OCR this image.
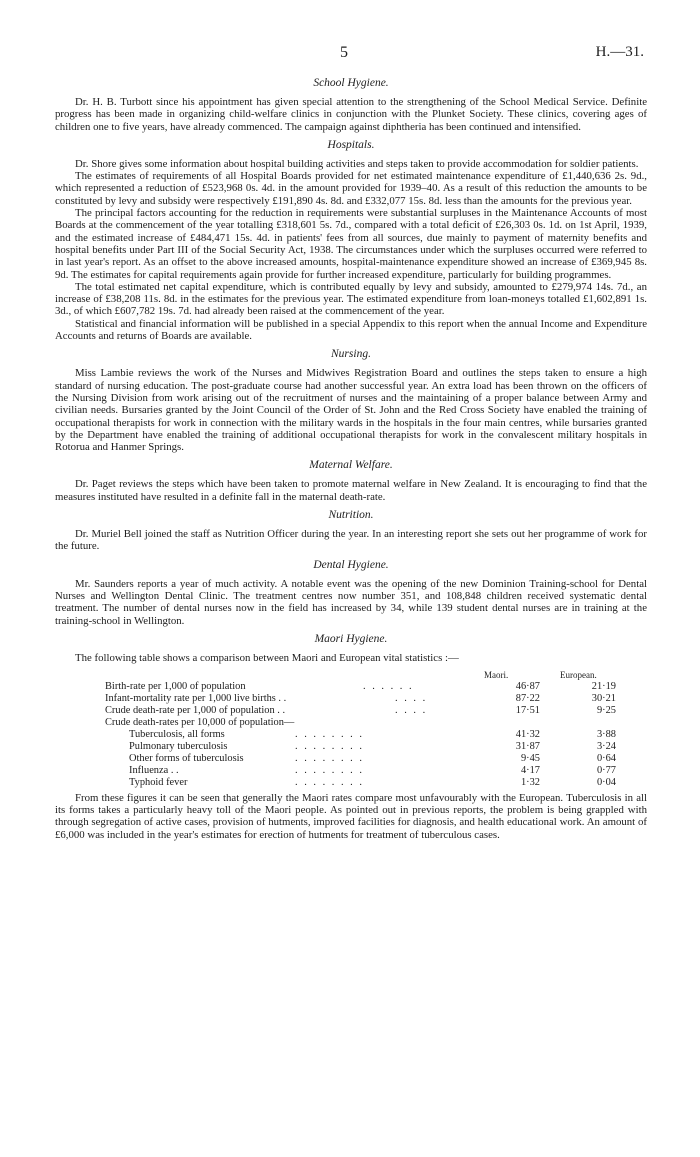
5	H.—31.
School Hygiene.

Dr. H. B. Turbott since his appointment has given special attention to the strengthening of the School Medical Service. Definite progress has been made in organizing child-welfare clinics in conjunction with the Plunket Society. These clinics, covering ages of children one to five years, have already commenced. The campaign against diphtheria has been continued and intensified.

Hospitals.

Dr. Shore gives some information about hospital building activities and steps taken to provide accommodation for soldier patients.

The estimates of requirements of all Hospital Boards provided for net estimated maintenance expenditure of £1,440,636 2s. 9d., which represented a reduction of £523,968 0s. 4d. in the amount provided for 1939–40. As a result of this reduction the amounts to be constituted by levy and subsidy were respectively £191,890 4s. 8d. and £332,077 15s. 8d. less than the amounts for the previous year.

The principal factors accounting for the reduction in requirements were substantial surpluses in the Maintenance Accounts of most Boards at the commencement of the year totalling £318,601 5s. 7d., compared with a total deficit of £26,303 0s. 1d. on 1st April, 1939, and the estimated increase of £484,471 15s. 4d. in patients' fees from all sources, due mainly to payment of maternity benefits and hospital benefits under Part III of the Social Security Act, 1938. The circumstances under which the surpluses occurred were referred to in last year's report. As an offset to the above increased amounts, hospital-maintenance expenditure showed an increase of £369,945 8s. 9d. The estimates for capital requirements again provide for further increased expenditure, particularly for building programmes.

The total estimated net capital expenditure, which is contributed equally by levy and subsidy, amounted to £279,974 14s. 7d., an increase of £38,208 11s. 8d. in the estimates for the previous year. The estimated expenditure from loan-moneys totalled £1,602,891 1s. 3d., of which £607,782 19s. 7d. had already been raised at the commencement of the year.

Statistical and financial information will be published in a special Appendix to this report when the annual Income and Expenditure Accounts and returns of Boards are available.

Nursing.

Miss Lambie reviews the work of the Nurses and Midwives Registration Board and outlines the steps taken to ensure a high standard of nursing education. The post-graduate course had another successful year. An extra load has been thrown on the officers of the Nursing Division from work arising out of the recruitment of nurses and the maintaining of a proper balance between Army and civilian needs. Bursaries granted by the Joint Council of the Order of St. John and the Red Cross Society have enabled the training of occupational therapists for work in connection with the military wards in the hospitals in the four main centres, while bursaries granted by the Department have enabled the training of additional occupational therapists for work in the convalescent military hospitals in Rotorua and Hanmer Springs.

Maternal Welfare.

Dr. Paget reviews the steps which have been taken to promote maternal welfare in New Zealand. It is encouraging to find that the measures instituted have resulted in a definite fall in the maternal death-rate.

Nutrition.

Dr. Muriel Bell joined the staff as Nutrition Officer during the year. In an interesting report she sets out her programme of work for the future.

Dental Hygiene.

Mr. Saunders reports a year of much activity. A notable event was the opening of the new Dominion Training-school for Dental Nurses and Wellington Dental Clinic. The treatment centres now number 351, and 108,848 children received systematic dental treatment. The number of dental nurses now in the field has increased by 34, while 139 student dental nurses are in training at the training-school in Wellington.

Maori Hygiene.
The following table shows a comparison between Maori and European vital statistics :—
Maori.	European.
Birth-rate per 1,000 of population	. . . . . .	46·87	21·19
Infant-mortality rate per 1,000 live births . .	. . . .	87·22	30·21
Crude death-rate per 1,000 of population . .	. . . .	17·51	9·25
Crude death-rates per 10,000 of population—
Tuberculosis, all forms	. . . . . . . .	41·32	3·88
Pulmonary tuberculosis	. . . . . . . .	31·87	3·24
Other forms of tuberculosis	. . . . . . . .	9·45	0·64
Influenza . .	. . . . . . . .	4·17	0·77
Typhoid fever	. . . . . . . .	1·32	0·04

From these figures it can be seen that generally the Maori rates compare most unfavourably with the European. Tuberculosis in all its forms takes a particularly heavy toll of the Maori people. As pointed out in previous reports, the problem is being grappled with through segregation of active cases, provision of hutments, improved facilities for diagnosis, and health educational work. An amount of £6,000 was included in the year's estimates for erection of hutments for treatment of tuberculous cases.
